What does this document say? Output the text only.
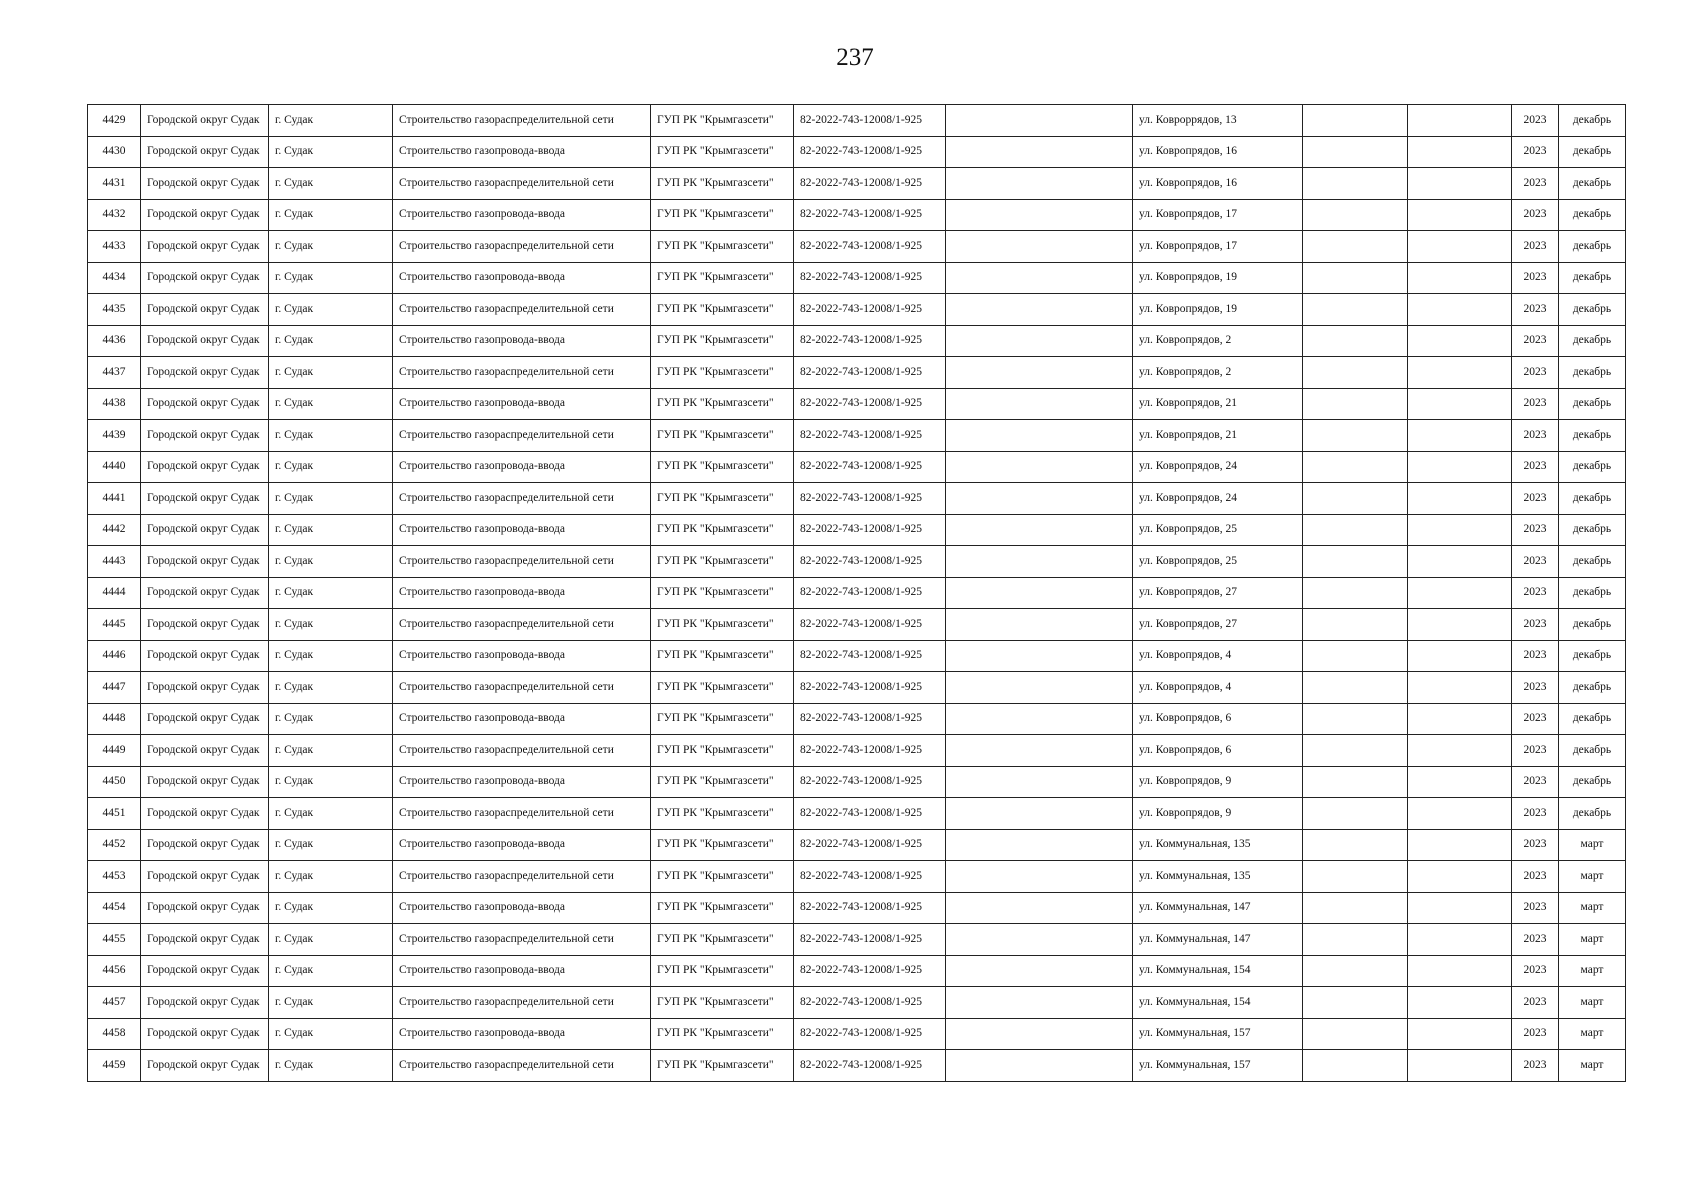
237
4429	Городской округ Судак	г. Судак	Строительство газораспределительной сети	ГУП РК "Крымгазсети"	82-2022-743-12008/1-925		ул. Коврopрядов, 13			2023	декабрь
4430	Городской округ Судак	г. Судак	Строительство газопровода-ввода	ГУП РК "Крымгазсети"	82-2022-743-12008/1-925		ул. Ковропрядов, 16			2023	декабрь
4431	Городской округ Судак	г. Судак	Строительство газораспределительной сети	ГУП РК "Крымгазсети"	82-2022-743-12008/1-925		ул. Ковропрядов, 16			2023	декабрь
4432	Городской округ Судак	г. Судак	Строительство газопровода-ввода	ГУП РК "Крымгазсети"	82-2022-743-12008/1-925		ул. Ковропрядов, 17			2023	декабрь
4433	Городской округ Судак	г. Судак	Строительство газораспределительной сети	ГУП РК "Крымгазсети"	82-2022-743-12008/1-925		ул. Ковропрядов, 17			2023	декабрь
4434	Городской округ Судак	г. Судак	Строительство газопровода-ввода	ГУП РК "Крымгазсети"	82-2022-743-12008/1-925		ул. Ковропрядов, 19			2023	декабрь
4435	Городской округ Судак	г. Судак	Строительство газораспределительной сети	ГУП РК "Крымгазсети"	82-2022-743-12008/1-925		ул. Ковропрядов, 19			2023	декабрь
4436	Городской округ Судак	г. Судак	Строительство газопровода-ввода	ГУП РК "Крымгазсети"	82-2022-743-12008/1-925		ул. Ковропрядов, 2			2023	декабрь
4437	Городской округ Судак	г. Судак	Строительство газораспределительной сети	ГУП РК "Крымгазсети"	82-2022-743-12008/1-925		ул. Ковропрядов, 2			2023	декабрь
4438	Городской округ Судак	г. Судак	Строительство газопровода-ввода	ГУП РК "Крымгазсети"	82-2022-743-12008/1-925		ул. Ковропрядов, 21			2023	декабрь
4439	Городской округ Судак	г. Судак	Строительство газораспределительной сети	ГУП РК "Крымгазсети"	82-2022-743-12008/1-925		ул. Ковропрядов, 21			2023	декабрь
4440	Городской округ Судак	г. Судак	Строительство газопровода-ввода	ГУП РК "Крымгазсети"	82-2022-743-12008/1-925		ул. Ковропрядов, 24			2023	декабрь
4441	Городской округ Судак	г. Судак	Строительство газораспределительной сети	ГУП РК "Крымгазсети"	82-2022-743-12008/1-925		ул. Ковропрядов, 24			2023	декабрь
4442	Городской округ Судак	г. Судак	Строительство газопровода-ввода	ГУП РК "Крымгазсети"	82-2022-743-12008/1-925		ул. Ковропрядов, 25			2023	декабрь
4443	Городской округ Судак	г. Судак	Строительство газораспределительной сети	ГУП РК "Крымгазсети"	82-2022-743-12008/1-925		ул. Ковропрядов, 25			2023	декабрь
4444	Городской округ Судак	г. Судак	Строительство газопровода-ввода	ГУП РК "Крымгазсети"	82-2022-743-12008/1-925		ул. Ковропрядов, 27			2023	декабрь
4445	Городской округ Судак	г. Судак	Строительство газораспределительной сети	ГУП РК "Крымгазсети"	82-2022-743-12008/1-925		ул. Ковропрядов, 27			2023	декабрь
4446	Городской округ Судак	г. Судак	Строительство газопровода-ввода	ГУП РК "Крымгазсети"	82-2022-743-12008/1-925		ул. Ковропрядов, 4			2023	декабрь
4447	Городской округ Судак	г. Судак	Строительство газораспределительной сети	ГУП РК "Крымгазсети"	82-2022-743-12008/1-925		ул. Ковропрядов, 4			2023	декабрь
4448	Городской округ Судак	г. Судак	Строительство газопровода-ввода	ГУП РК "Крымгазсети"	82-2022-743-12008/1-925		ул. Ковропрядов, 6			2023	декабрь
4449	Городской округ Судак	г. Судак	Строительство газораспределительной сети	ГУП РК "Крымгазсети"	82-2022-743-12008/1-925		ул. Ковропрядов, 6			2023	декабрь
4450	Городской округ Судак	г. Судак	Строительство газопровода-ввода	ГУП РК "Крымгазсети"	82-2022-743-12008/1-925		ул. Ковропрядов, 9			2023	декабрь
4451	Городской округ Судак	г. Судак	Строительство газораспределительной сети	ГУП РК "Крымгазсети"	82-2022-743-12008/1-925		ул. Ковропрядов, 9			2023	декабрь
4452	Городской округ Судак	г. Судак	Строительство газопровода-ввода	ГУП РК "Крымгазсети"	82-2022-743-12008/1-925		ул. Коммунальная, 135			2023	март
4453	Городской округ Судак	г. Судак	Строительство газораспределительной сети	ГУП РК "Крымгазсети"	82-2022-743-12008/1-925		ул. Коммунальная, 135			2023	март
4454	Городской округ Судак	г. Судак	Строительство газопровода-ввода	ГУП РК "Крымгазсети"	82-2022-743-12008/1-925		ул. Коммунальная, 147			2023	март
4455	Городской округ Судак	г. Судак	Строительство газораспределительной сети	ГУП РК "Крымгазсети"	82-2022-743-12008/1-925		ул. Коммунальная, 147			2023	март
4456	Городской округ Судак	г. Судак	Строительство газопровода-ввода	ГУП РК "Крымгазсети"	82-2022-743-12008/1-925		ул. Коммунальная, 154			2023	март
4457	Городской округ Судак	г. Судак	Строительство газораспределительной сети	ГУП РК "Крымгазсети"	82-2022-743-12008/1-925		ул. Коммунальная, 154			2023	март
4458	Городской округ Судак	г. Судак	Строительство газопровода-ввода	ГУП РК "Крымгазсети"	82-2022-743-12008/1-925		ул. Коммунальная, 157			2023	март
4459	Городской округ Судак	г. Судак	Строительство газораспределительной сети	ГУП РК "Крымгазсети"	82-2022-743-12008/1-925		ул. Коммунальная, 157			2023	март
